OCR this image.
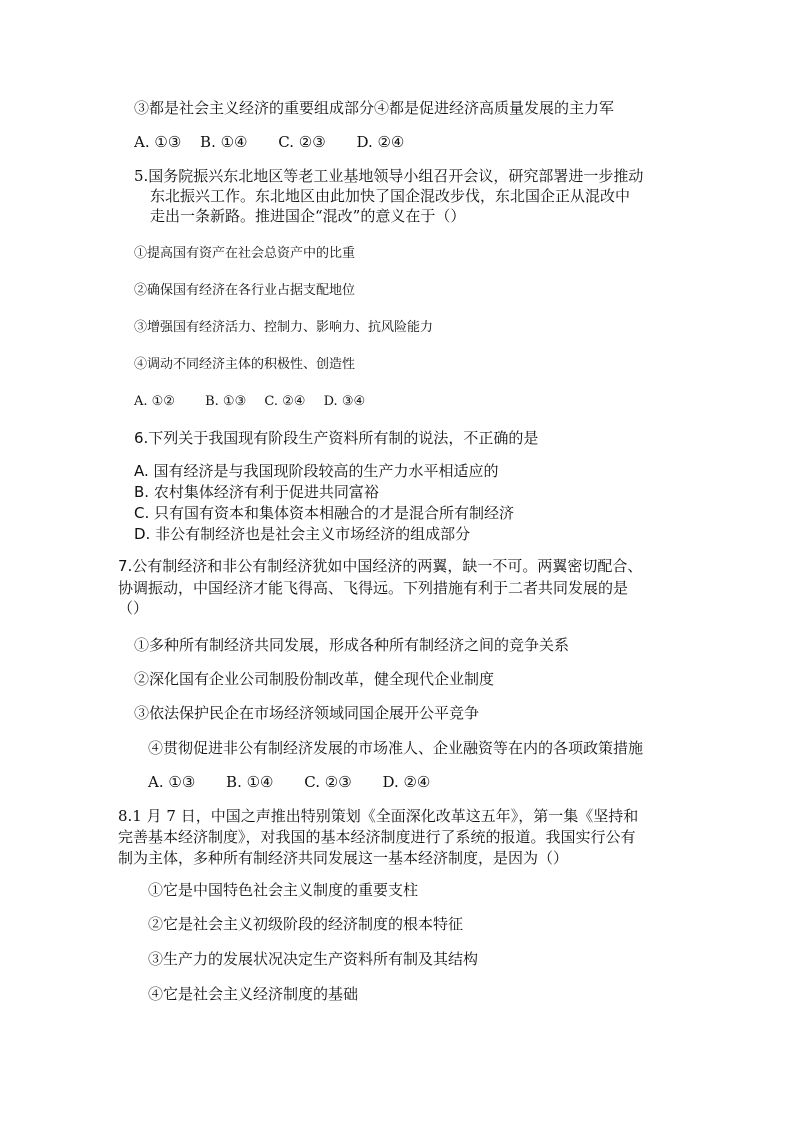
③都是社会主义经济的重要组成部分④都是促进经济高质量发展的主力军
A. ①③ B. ①④ C. ②③ D. ②④
5.国务院振兴东北地区等老工业基地领导小组召开会议，研究部署进一步推动
东北振兴工作。东北地区由此加快了国企混改步伐，东北国企正从混改中
走出一条新路。推进国企“混改”的意义在于（）
①提高国有资产在社会总资产中的比重
②确保国有经济在各行业占据支配地位
③增强国有经济活力、控制力、影响力、抗风险能力
④调动不同经济主体的积极性、创造性
A. ①② B. ①③ C. ②④ D. ③④
6.下列关于我国现有阶段生产资料所有制的说法，不正确的是
A. 国有经济是与我国现阶段较高的生产力水平相适应的
B. 农村集体经济有利于促进共同富裕
C. 只有国有资本和集体资本相融合的才是混合所有制经济
D. 非公有制经济也是社会主义市场经济的组成部分
7.公有制经济和非公有制经济犹如中国经济的两翼，缺一不可。两翼密切配合、
协调振动，中国经济才能飞得高、飞得远。下列措施有利于二者共同发展的是
（）
①多种所有制经济共同发展，形成各种所有制经济之间的竞争关系
②深化国有企业公司制股份制改革，健全现代企业制度
③依法保护民企在市场经济领域同国企展开公平竞争
④贯彻促进非公有制经济发展的市场准人、企业融资等在内的各项政策措施
A. ①③ B. ①④ C. ②③ D. ②④
8.1 月 7 日，中国之声推出特别策划《全面深化改革这五年》，第一集《坚持和
完善基本经济制度》，对我国的基本经济制度进行了系统的报道。我国实行公有
制为主体，多种所有制经济共同发展这一基本经济制度，是因为（）
①它是中国特色社会主义制度的重要支柱
②它是社会主义初级阶段的经济制度的根本特征
③生产力的发展状况决定生产资料所有制及其结构
④它是社会主义经济制度的基础
